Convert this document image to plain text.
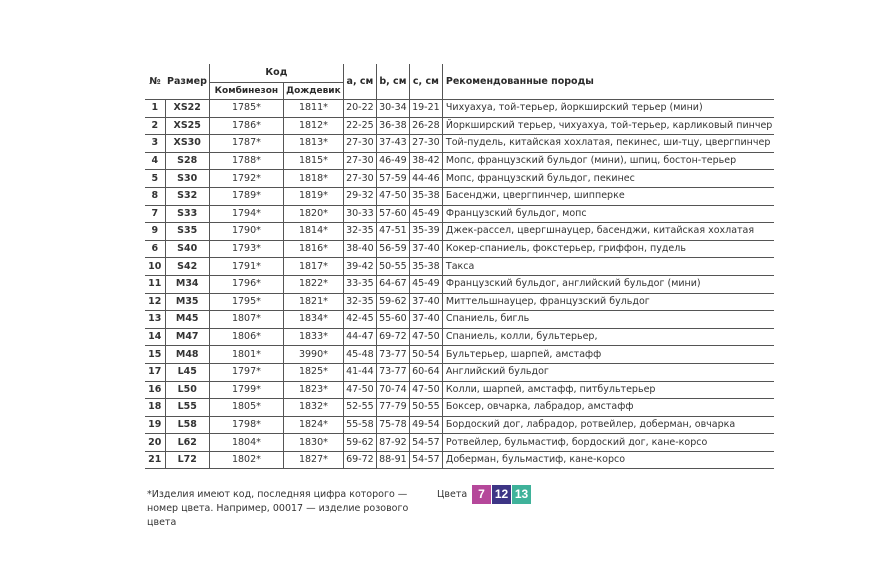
№	Размер	Код		a, см	b, см	c, см	Рекомендованные породы
		Комбинезон	Дождевик				
1	XS22	1785*	1811*	20-22	30-34	19-21	Чихуахуа, той-терьер, йоркширский терьер (мини)
2	XS25	1786*	1812*	22-25	36-38	26-28	Йоркширский терьер, чихуахуа, той-терьер, карликовый пинчер
3	XS30	1787*	1813*	27-30	37-43	27-30	Той-пудель, китайская хохлатая, пекинес, ши-тцу, цвергпинчер
4	S28	1788*	1815*	27-30	46-49	38-42	Мопс, французский бульдог (мини), шпиц, бостон-терьер
5	S30	1792*	1818*	27-30	57-59	44-46	Мопс, французский бульдог, пекинес
8	S32	1789*	1819*	29-32	47-50	35-38	Басенджи, цвергпинчер, шипперке
7	S33	1794*	1820*	30-33	57-60	45-49	Французский бульдог, мопс
9	S35	1790*	1814*	32-35	47-51	35-39	Джек-рассел, цвергшнауцер, басенджи, китайская хохлатая
6	S40	1793*	1816*	38-40	56-59	37-40	Кокер-спаниель, фокстерьер, гриффон, пудель
10	S42	1791*	1817*	39-42	50-55	35-38	Такса
11	M34	1796*	1822*	33-35	64-67	45-49	Французский бульдог, английский бульдог (мини)
12	M35	1795*	1821*	32-35	59-62	37-40	Миттельшнауцер, французский бульдог
13	M45	1807*	1834*	42-45	55-60	37-40	Спаниель, бигль
14	M47	1806*	1833*	44-47	69-72	47-50	Спаниель, колли, бультерьер,
15	M48	1801*	3990*	45-48	73-77	50-54	Бультерьер, шарпей, амстафф
17	L45	1797*	1825*	41-44	73-77	60-64	Английский бульдог
16	L50	1799*	1823*	47-50	70-74	47-50	Колли, шарпей, амстафф, питбультерьер
18	L55	1805*	1832*	52-55	77-79	50-55	Боксер, овчарка, лабрадор, амстафф
19	L58	1798*	1824*	55-58	75-78	49-54	Бордоский дог, лабрадор, ротвейлер, доберман, овчарка
20	L62	1804*	1830*	59-62	87-92	54-57	Ротвейлер, бульмастиф, бордоский дог, кане-корсо
21	L72	1802*	1827*	69-72	88-91	54-57	Доберман, бульмастиф, кане-корсо
*Изделия имеют код, последняя цифра которого — номер цвета. Например, 00017 — изделие розового цвета
Цвета 7 12 13
